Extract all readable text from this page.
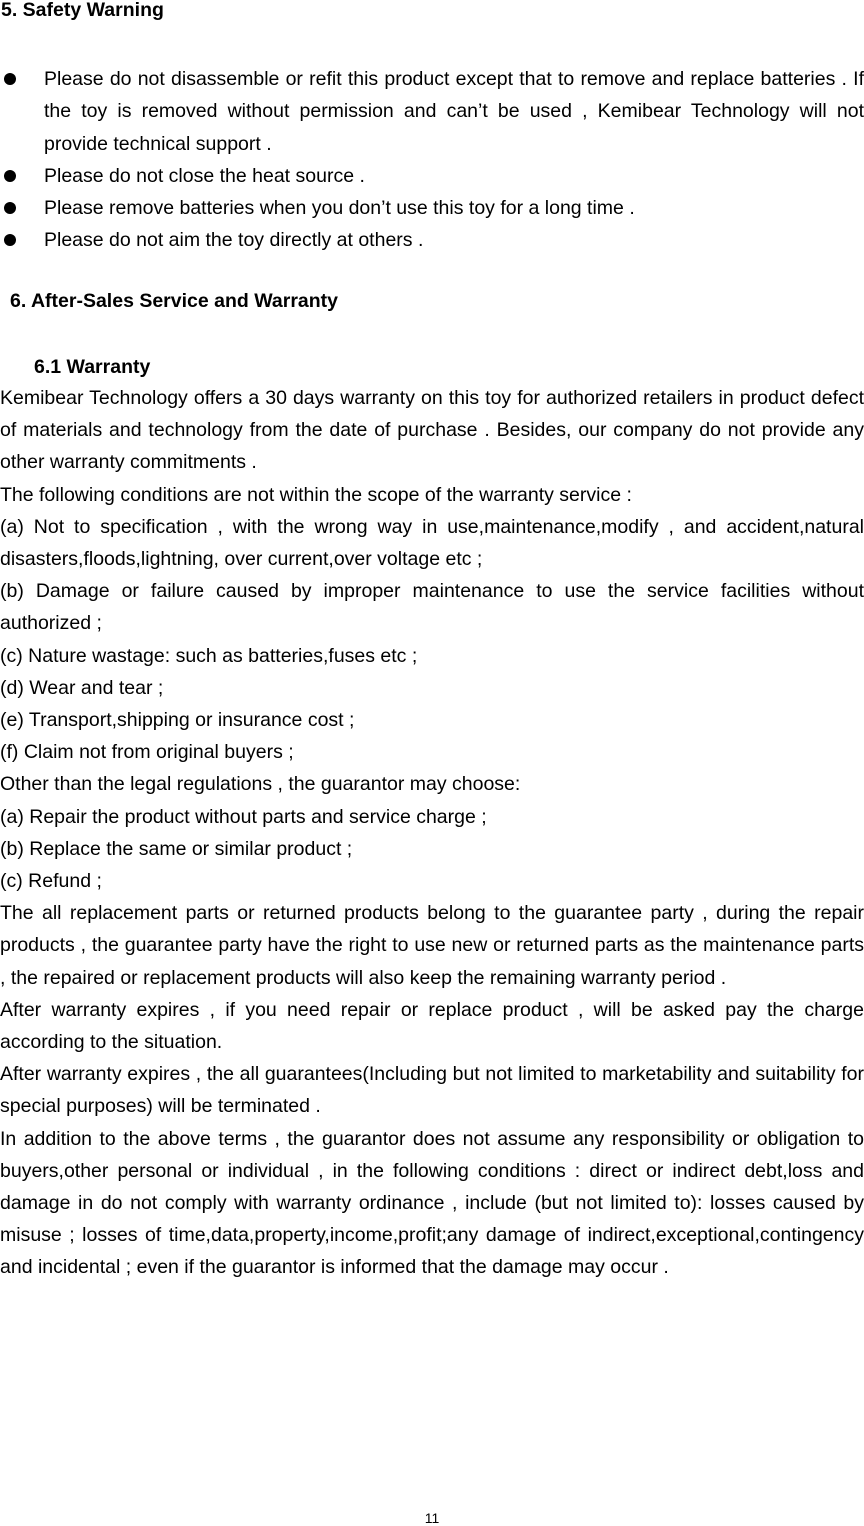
5. Safety Warning
Please do not disassemble or refit this product except that to remove and replace batteries . If the toy is removed without permission and can’t be used , Kemibear Technology will not provide technical support .
Please do not close the heat source .
Please remove batteries when you don’t use this toy for a long time .
Please do not aim the toy directly at others .
6. After-Sales Service and Warranty
6.1 Warranty

Kemibear Technology offers a 30 days warranty on this toy for authorized retailers in product defect of materials and technology from the date of purchase . Besides, our company do not provide any other warranty commitments .

The following conditions are not within the scope of the warranty service :

(a) Not to specification , with the wrong way in use,maintenance,modify , and accident,natural disasters,floods,lightning, over current,over voltage etc ;

(b) Damage or failure caused by improper maintenance to use the service facilities without authorized ;

(c) Nature wastage: such as batteries,fuses etc ;

(d) Wear and tear ;

(e) Transport,shipping or insurance cost ;

(f) Claim not from original buyers ;

Other than the legal regulations , the guarantor may choose:

(a) Repair the product without parts and service charge ;

(b) Replace the same or similar product ;

(c) Refund ;

The all replacement parts or returned products belong to the guarantee party , during the repair products , the guarantee party have the right to use new or returned parts as the maintenance parts , the repaired or replacement products will also keep the remaining warranty period .

After warranty expires , if you need repair or replace product , will be asked pay the charge according to the situation.

After warranty expires , the all guarantees(Including but not limited to marketability and suitability for special purposes) will be terminated .

In addition to the above terms , the guarantor does not assume any responsibility or obligation to buyers,other personal or individual , in the following conditions : direct or indirect debt,loss and damage in do not comply with warranty ordinance , include (but not limited to): losses caused by misuse ; losses of time,data,property,income,profit;any damage of indirect,exceptional,contingency and incidental ; even if the guarantor is informed that the damage may occur .

11
